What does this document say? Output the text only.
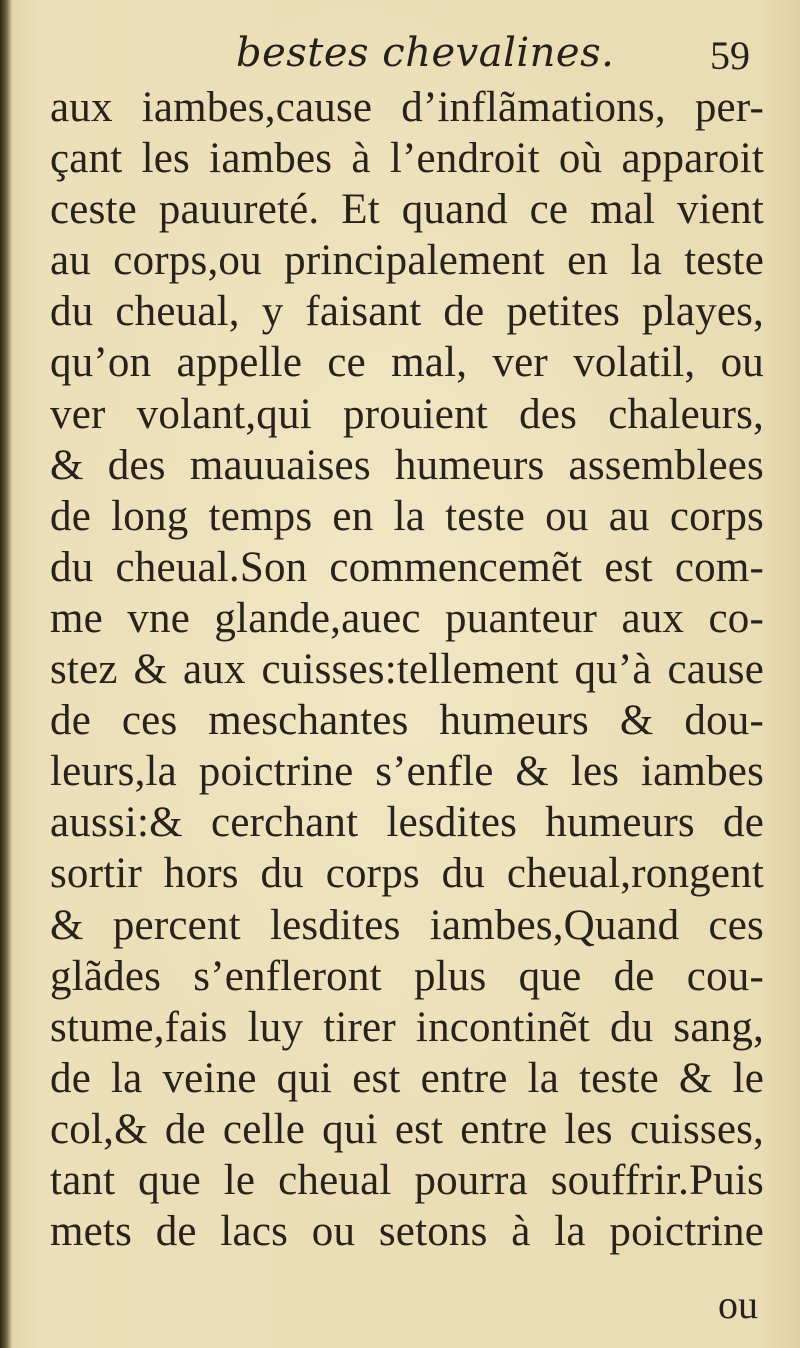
bestes chevalines. 59
aux iambes,cause d’inflãmations, per-
çant les iambes à l’endroit où apparoit
ceste pauureté. Et quand ce mal vient
au corps,ou principalement en la teste
du cheual, y faisant de petites playes,
qu’on appelle ce mal, ver volatil, ou
ver volant,qui prouient des chaleurs,
& des mauuaises humeurs assemblees
de long temps en la teste ou au corps
du cheual.Son commencemẽt est com-
me vne glande,auec puanteur aux co-
stez & aux cuisses:tellement qu’à cause
de ces meschantes humeurs & dou-
leurs,la poictrine s’enfle & les iambes
aussi:& cerchant lesdites humeurs de
sortir hors du corps du cheual,rongent
& percent lesdites iambes,Quand ces
glãdes s’enfleront plus que de cou-
stume,fais luy tirer incontinẽt du sang,
de la veine qui est entre la teste & le
col,& de celle qui est entre les cuisses,
tant que le cheual pourra souffrir.Puis
mets de lacs ou setons à la poictrine
ou
